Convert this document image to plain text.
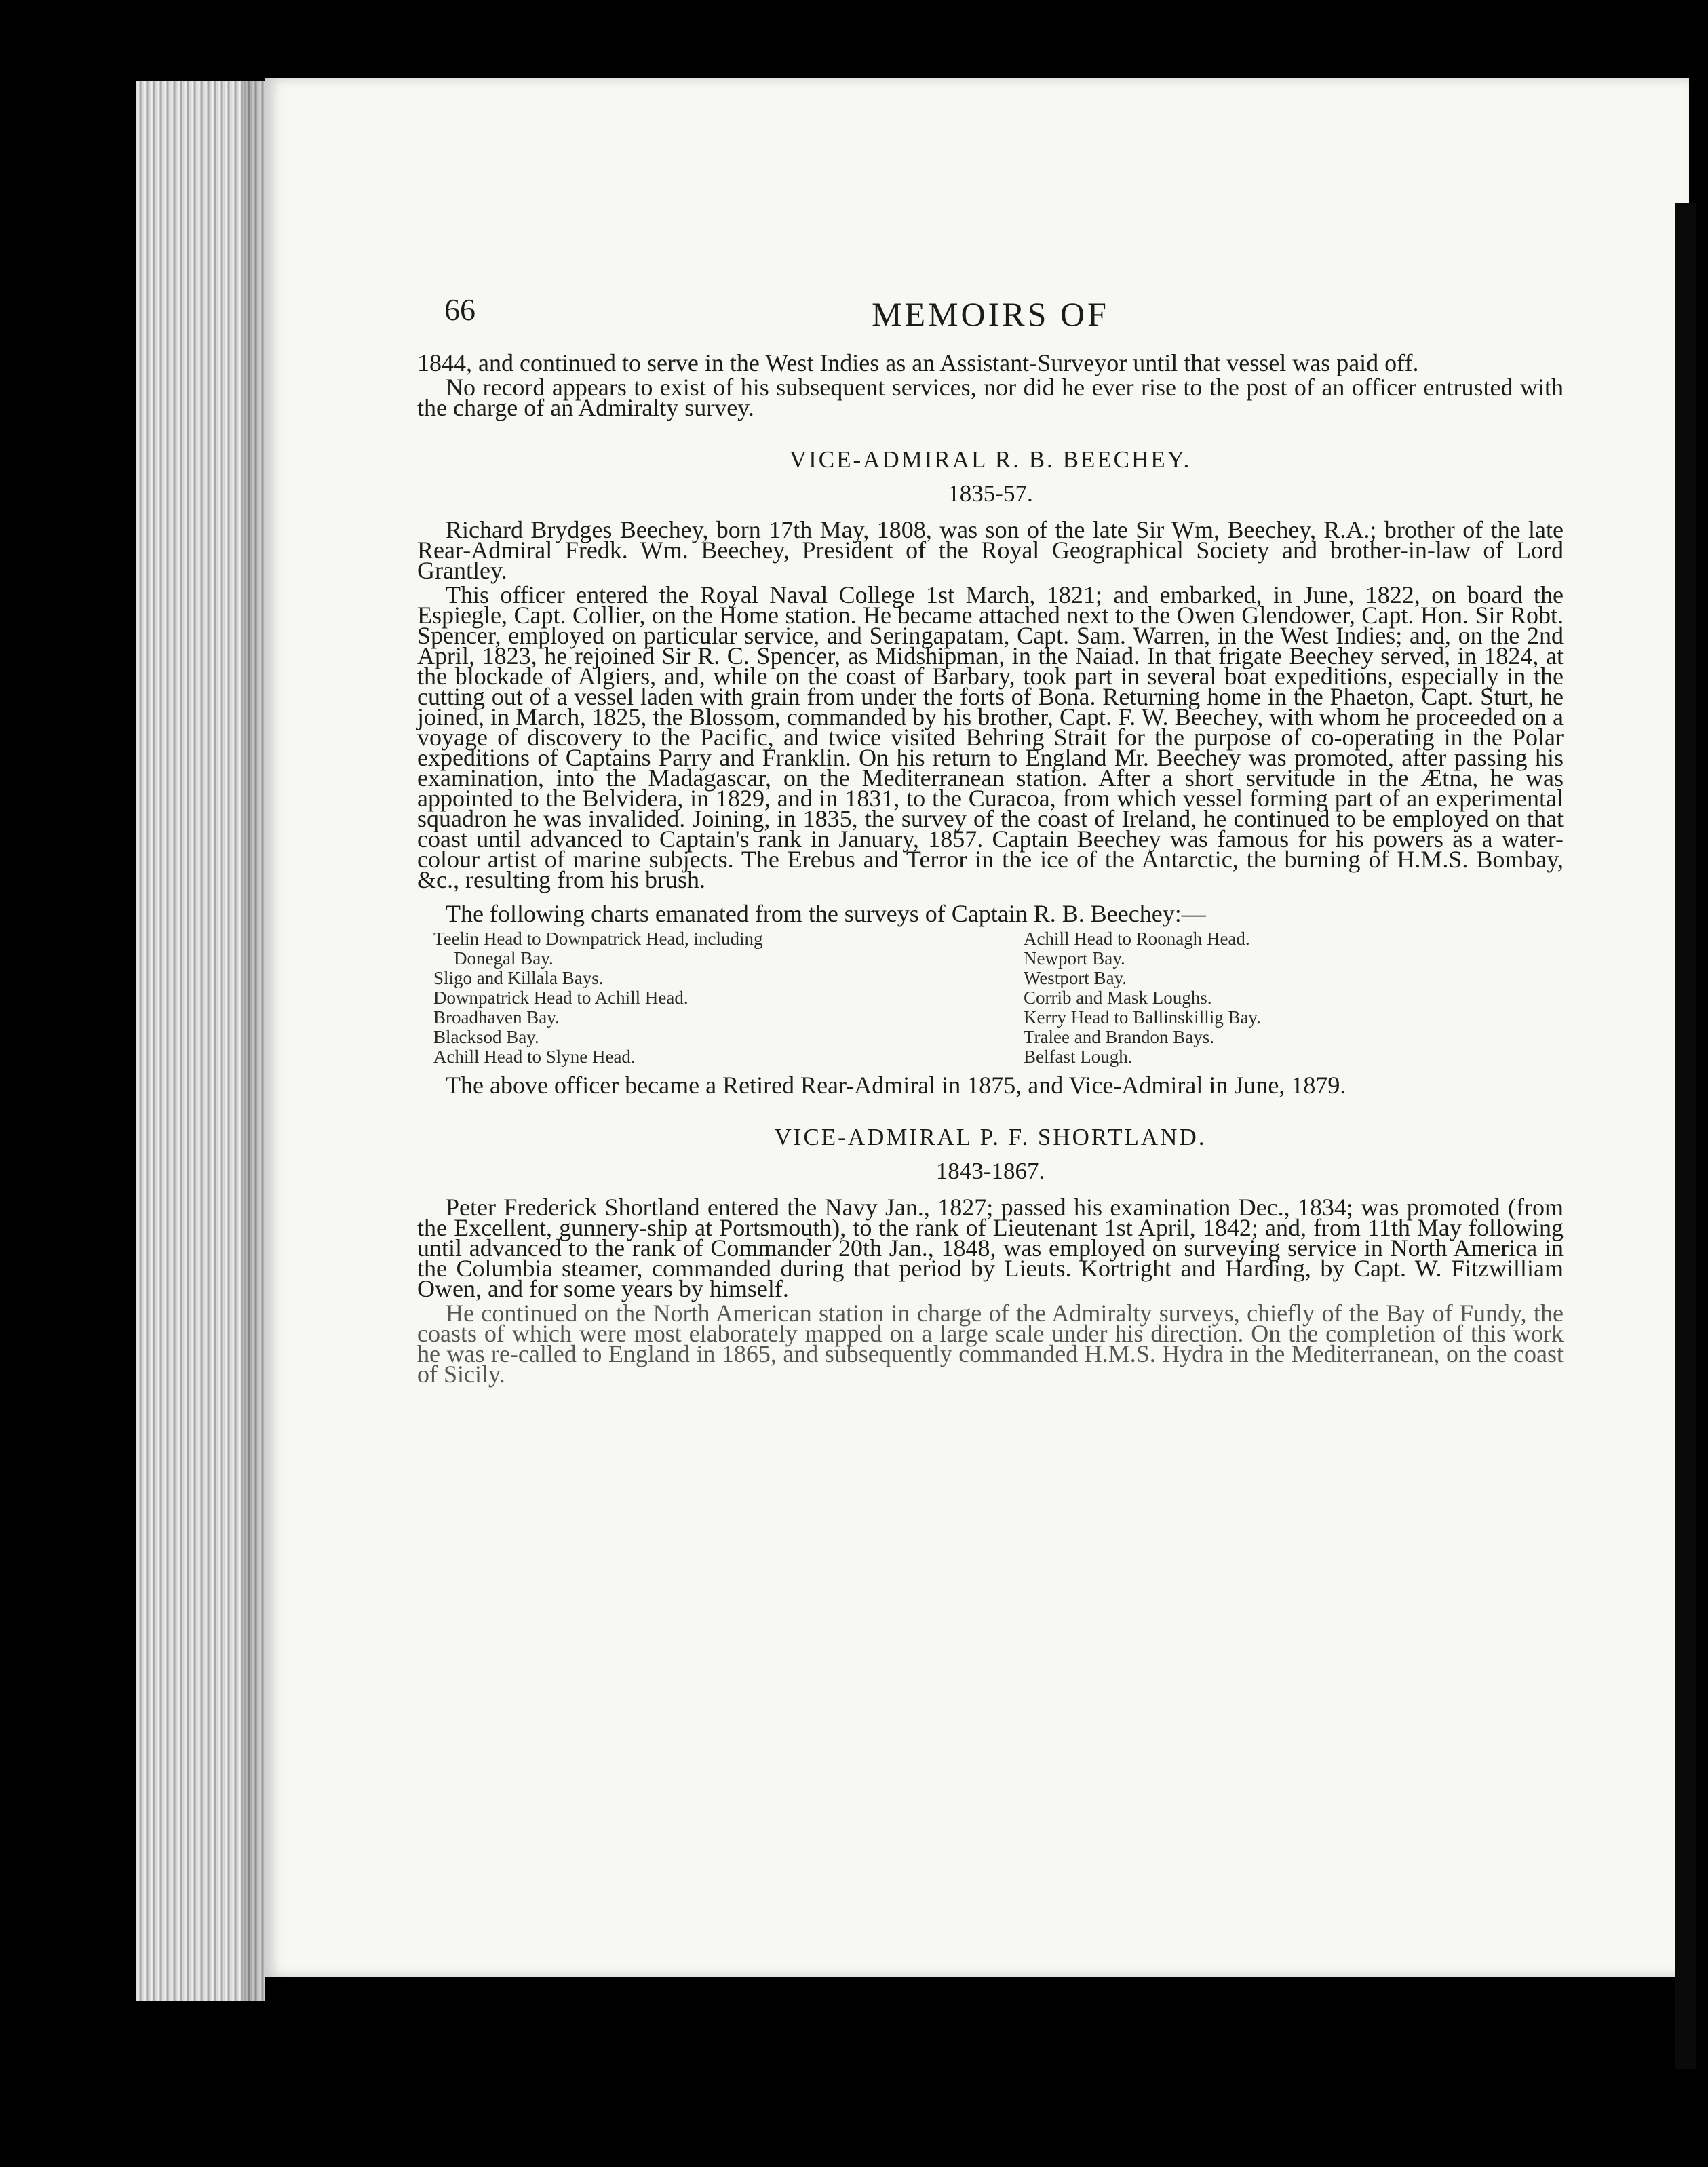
66	MEMOIRS OF

1844, and continued to serve in the West Indies as an Assistant-Surveyor until that vessel was paid off.

No record appears to exist of his subsequent services, nor did he ever rise to the post of an officer entrusted with the charge of an Admiralty survey.

VICE-ADMIRAL R. B. BEECHEY.
1835-57.

Richard Brydges Beechey, born 17th May, 1808, was son of the late Sir Wm, Beechey, R.A.; brother of the late Rear-Admiral Fredk. Wm. Beechey, President of the Royal Geographical Society and brother-in-law of Lord Grantley.

This officer entered the Royal Naval College 1st March, 1821; and embarked, in June, 1822, on board the Espiegle, Capt. Collier, on the Home station. He became attached next to the Owen Glendower, Capt. Hon. Sir Robt. Spencer, employed on particular service, and Seringapatam, Capt. Sam. Warren, in the West Indies; and, on the 2nd April, 1823, he rejoined Sir R. C. Spencer, as Midshipman, in the Naiad. In that frigate Beechey served, in 1824, at the blockade of Algiers, and, while on the coast of Barbary, took part in several boat expeditions, especially in the cutting out of a vessel laden with grain from under the forts of Bona. Returning home in the Phaeton, Capt. Sturt, he joined, in March, 1825, the Blossom, commanded by his brother, Capt. F. W. Beechey, with whom he proceeded on a voyage of discovery to the Pacific, and twice visited Behring Strait for the purpose of co-operating in the Polar expeditions of Captains Parry and Franklin. On his return to England Mr. Beechey was promoted, after passing his examination, into the Madagascar, on the Mediterranean station. After a short servitude in the Ætna, he was appointed to the Belvidera, in 1829, and in 1831, to the Curacoa, from which vessel forming part of an experimental squadron he was invalided. Joining, in 1835, the survey of the coast of Ireland, he continued to be employed on that coast until advanced to Captain's rank in January, 1857. Captain Beechey was famous for his powers as a water-colour artist of marine subjects. The Erebus and Terror in the ice of the Antarctic, the burning of H.M.S. Bombay, &c., resulting from his brush.

The following charts emanated from the surveys of Captain R. B. Beechey:—

Teelin Head to Downpatrick Head, including
Donegal Bay.
Sligo and Killala Bays.
Downpatrick Head to Achill Head.
Broadhaven Bay.
Blacksod Bay.
Achill Head to Slyne Head.
Achill Head to Roonagh Head.
Newport Bay.
Westport Bay.
Corrib and Mask Loughs.
Kerry Head to Ballinskillig Bay.
Tralee and Brandon Bays.
Belfast Lough.

The above officer became a Retired Rear-Admiral in 1875, and Vice-Admiral in June, 1879.

VICE-ADMIRAL P. F. SHORTLAND.
1843-1867.

Peter Frederick Shortland entered the Navy Jan., 1827; passed his examination Dec., 1834; was promoted (from the Excellent, gunnery-ship at Portsmouth), to the rank of Lieutenant 1st April, 1842; and, from 11th May following until advanced to the rank of Commander 20th Jan., 1848, was employed on surveying service in North America in the Columbia steamer, commanded during that period by Lieuts. Kortright and Harding, by Capt. W. Fitzwilliam Owen, and for some years by himself.

He continued on the North American station in charge of the Admiralty surveys, chiefly of the Bay of Fundy, the coasts of which were most elaborately mapped on a large scale under his direction. On the completion of this work he was re-called to England in 1865, and subsequently commanded H.M.S. Hydra in the Mediterranean, on the coast of Sicily.
